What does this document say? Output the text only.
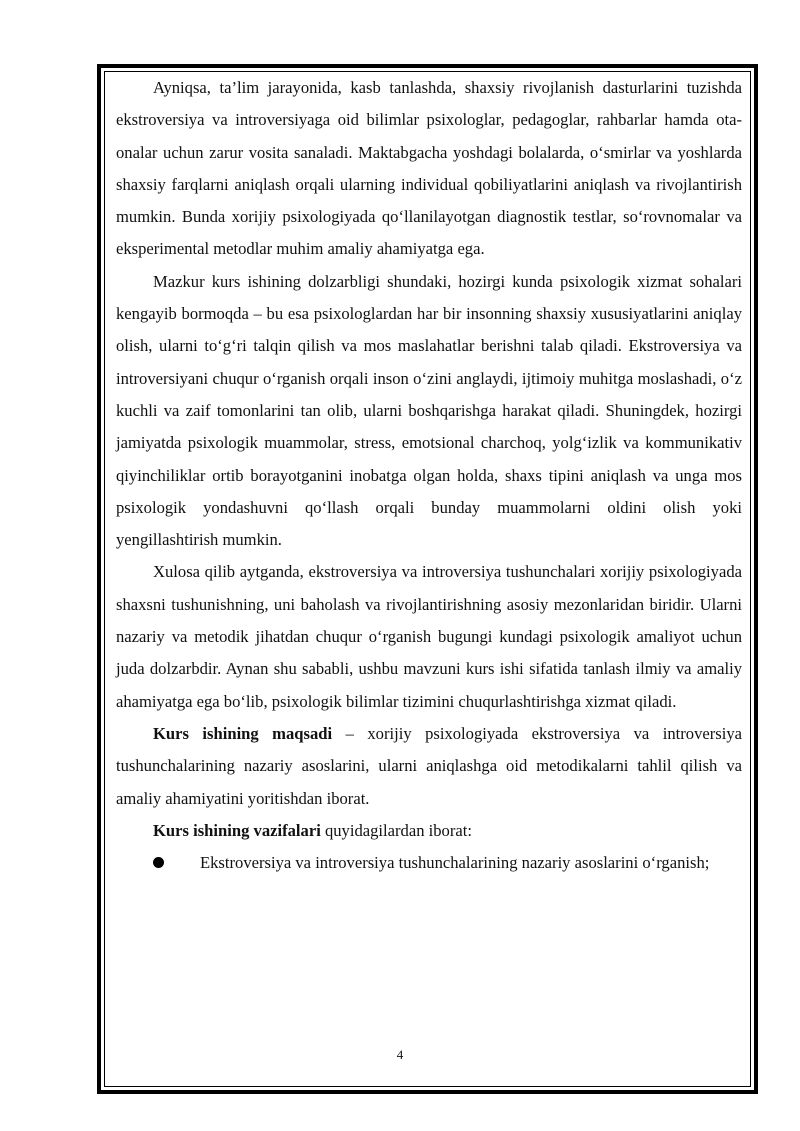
Ayniqsa, ta’lim jarayonida, kasb tanlashda, shaxsiy rivojlanish dasturlarini tuzishda ekstroversiya va introversiyaga oid bilimlar psixologlar, pedagoglar, rahbarlar hamda ota-onalar uchun zarur vosita sanaladi. Maktabgacha yoshdagi bolalarda, o‘smirlar va yoshlarda shaxsiy farqlarni aniqlash orqali ularning individual qobiliyatlarini aniqlash va rivojlantirish mumkin. Bunda xorijiy psixologiyada qo‘llanilayotgan diagnostik testlar, so‘rovnomalar va eksperimental metodlar muhim amaliy ahamiyatga ega.

Mazkur kurs ishining dolzarbligi shundaki, hozirgi kunda psixologik xizmat sohalari kengayib bormoqda – bu esa psixologlardan har bir insonning shaxsiy xususiyatlarini aniqlay olish, ularni to‘g‘ri talqin qilish va mos maslahatlar berishni talab qiladi. Ekstroversiya va introversiyani chuqur o‘rganish orqali inson o‘zini anglaydi, ijtimoiy muhitga moslashadi, o‘z kuchli va zaif tomonlarini tan olib, ularni boshqarishga harakat qiladi. Shuningdek, hozirgi jamiyatda psixologik muammolar, stress, emotsional charchoq, yolg‘izlik va kommunikativ qiyinchiliklar ortib borayotganini inobatga olgan holda, shaxs tipini aniqlash va unga mos psixologik yondashuvni qo‘llash orqali bunday muammolarni oldini olish yoki yengillashtirish mumkin.

Xulosa qilib aytganda, ekstroversiya va introversiya tushunchalari xorijiy psixologiyada shaxsni tushunishning, uni baholash va rivojlantirishning asosiy mezonlaridan biridir. Ularni nazariy va metodik jihatdan chuqur o‘rganish bugungi kundagi psixologik amaliyot uchun juda dolzarbdir. Aynan shu sababli, ushbu mavzuni kurs ishi sifatida tanlash ilmiy va amaliy ahamiyatga ega bo‘lib, psixologik bilimlar tizimini chuqurlashtirishga xizmat qiladi.

Kurs ishining maqsadi – xorijiy psixologiyada ekstroversiya va introversiya tushunchalarining nazariy asoslarini, ularni aniqlashga oid metodikalarni tahlil qilish va amaliy ahamiyatini yoritishdan iborat.

Kurs ishining vazifalari quyidagilardan iborat:

Ekstroversiya va introversiya tushunchalarining nazariy asoslarini o‘rganish;

4
